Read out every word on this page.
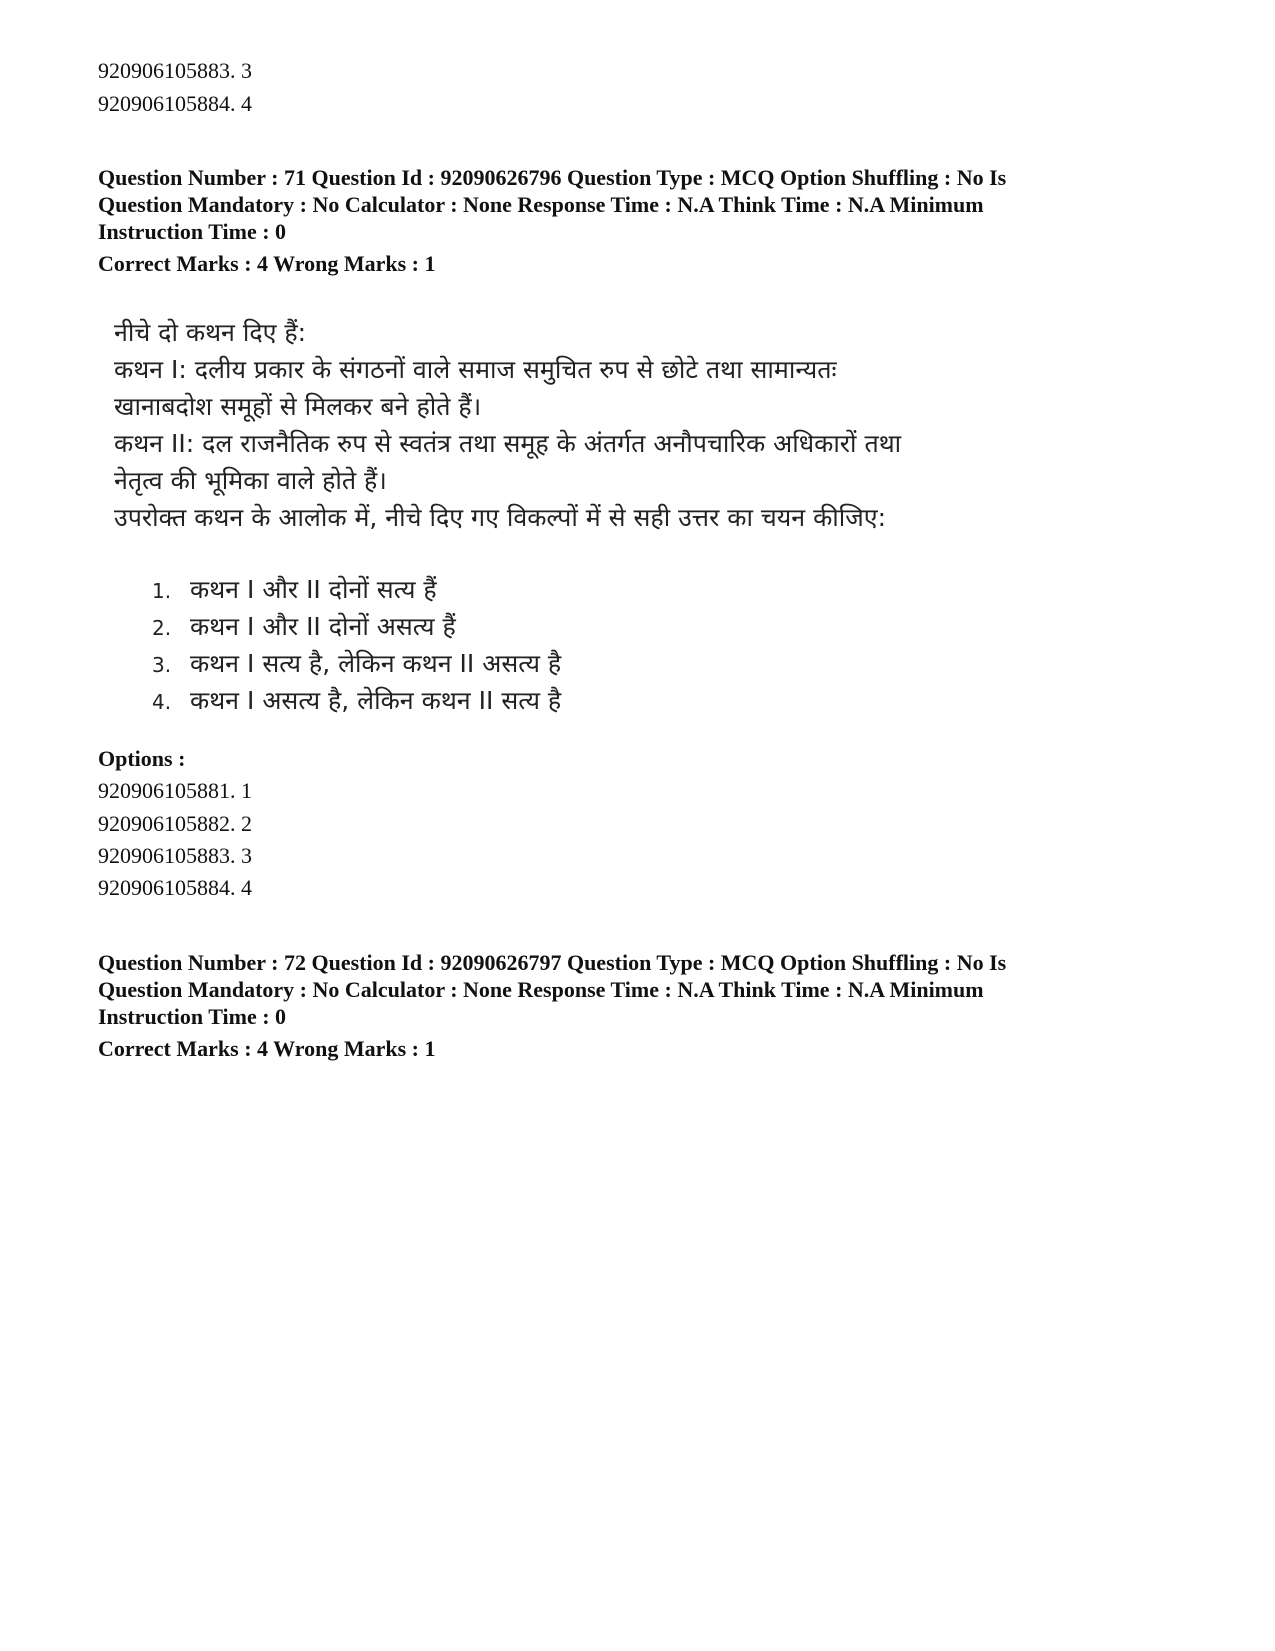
920906105883. 3
920906105884. 4
Question Number : 71 Question Id : 92090626796 Question Type : MCQ Option Shuffling : No Is
Question Mandatory : No Calculator : None Response Time : N.A Think Time : N.A Minimum
Instruction Time : 0
Correct Marks : 4 Wrong Marks : 1
नीचे दो कथन दिए हैं:
कथन I: दलीय प्रकार के संगठनों वाले समाज समुचित रुप से छोटे तथा सामान्यतः
खानाबदोश समूहों से मिलकर बने होते हैं।
कथन II: दल राजनैतिक रुप से स्वतंत्र तथा समूह के अंतर्गत अनौपचारिक अधिकारों तथा
नेतृत्व की भूमिका वाले होते हैं।
उपरोक्त कथन के आलोक में, नीचे दिए गए विकल्पों में से सही उत्तर का चयन कीजिए:
1. कथन I और II दोनों सत्य हैं
2. कथन I और II दोनों असत्य हैं
3. कथन I सत्य है, लेकिन कथन II असत्य है
4. कथन I असत्य है, लेकिन कथन II सत्य है
Options :
920906105881. 1
920906105882. 2
920906105883. 3
920906105884. 4
Question Number : 72 Question Id : 92090626797 Question Type : MCQ Option Shuffling : No Is
Question Mandatory : No Calculator : None Response Time : N.A Think Time : N.A Minimum
Instruction Time : 0
Correct Marks : 4 Wrong Marks : 1
